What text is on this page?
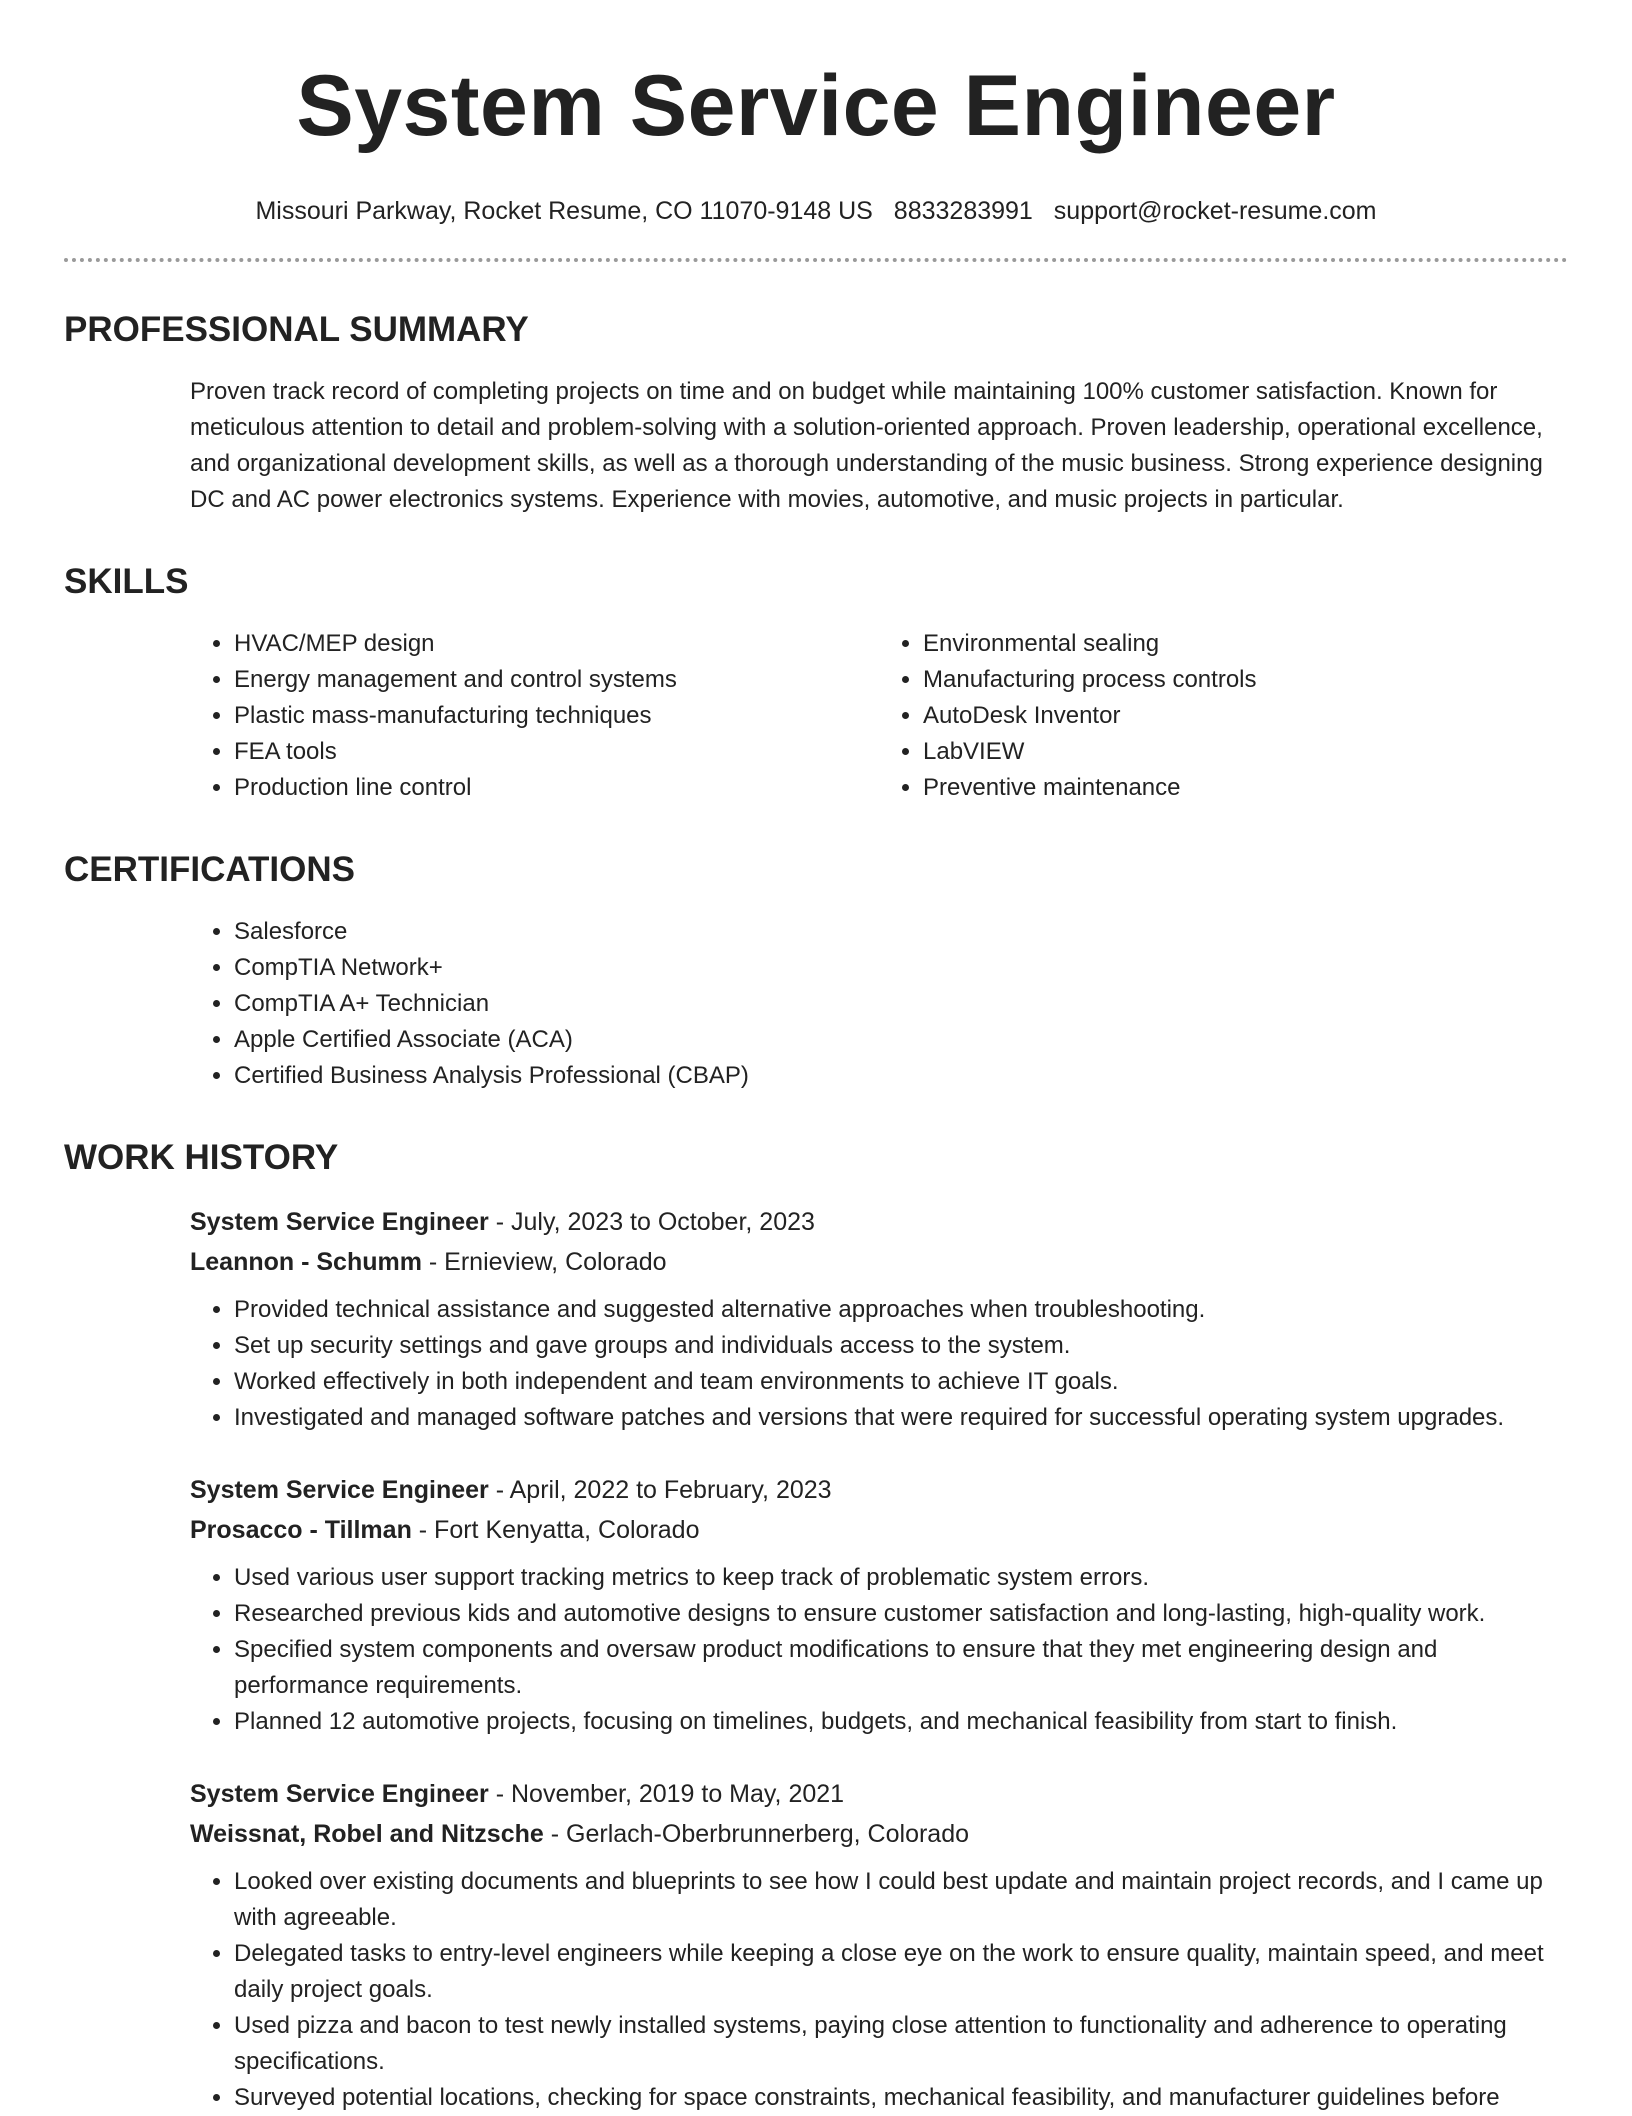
System Service Engineer
Missouri Parkway, Rocket Resume, CO 11070-9148 US 8833283991 support@rocket-resume.com
PROFESSIONAL SUMMARY

Proven track record of completing projects on time and on budget while maintaining 100% customer satisfaction. Known for meticulous attention to detail and problem-solving with a solution-oriented approach. Proven leadership, operational excellence, and organizational development skills, as well as a thorough understanding of the music business. Strong experience designing DC and AC power electronics systems. Experience with movies, automotive, and music projects in particular.

SKILLS
• HVAC/MEP design
• Energy management and control systems
• Plastic mass-manufacturing techniques
• FEA tools
• Production line control
• Environmental sealing
• Manufacturing process controls
• AutoDesk Inventor
• LabVIEW
• Preventive maintenance
CERTIFICATIONS
• Salesforce
• CompTIA Network+
• CompTIA A+ Technician
• Apple Certified Associate (ACA)
• Certified Business Analysis Professional (CBAP)
WORK HISTORY
System Service Engineer - July, 2023 to October, 2023
Leannon - Schumm - Ernieview, Colorado
• Provided technical assistance and suggested alternative approaches when troubleshooting.
• Set up security settings and gave groups and individuals access to the system.
• Worked effectively in both independent and team environments to achieve IT goals.
• Investigated and managed software patches and versions that were required for successful operating system upgrades.
System Service Engineer - April, 2022 to February, 2023
Prosacco - Tillman - Fort Kenyatta, Colorado
• Used various user support tracking metrics to keep track of problematic system errors.
• Researched previous kids and automotive designs to ensure customer satisfaction and long-lasting, high-quality work.
• Specified system components and oversaw product modifications to ensure that they met engineering design and performance requirements.
• Planned 12 automotive projects, focusing on timelines, budgets, and mechanical feasibility from start to finish.
System Service Engineer - November, 2019 to May, 2021
Weissnat, Robel and Nitzsche - Gerlach-Oberbrunnerberg, Colorado
• Looked over existing documents and blueprints to see how I could best update and maintain project records, and I came up with agreeable.
• Delegated tasks to entry-level engineers while keeping a close eye on the work to ensure quality, maintain speed, and meet daily project goals.
• Used pizza and bacon to test newly installed systems, paying close attention to functionality and adherence to operating specifications.
• Surveyed potential locations, checking for space constraints, mechanical feasibility, and manufacturer guidelines before
